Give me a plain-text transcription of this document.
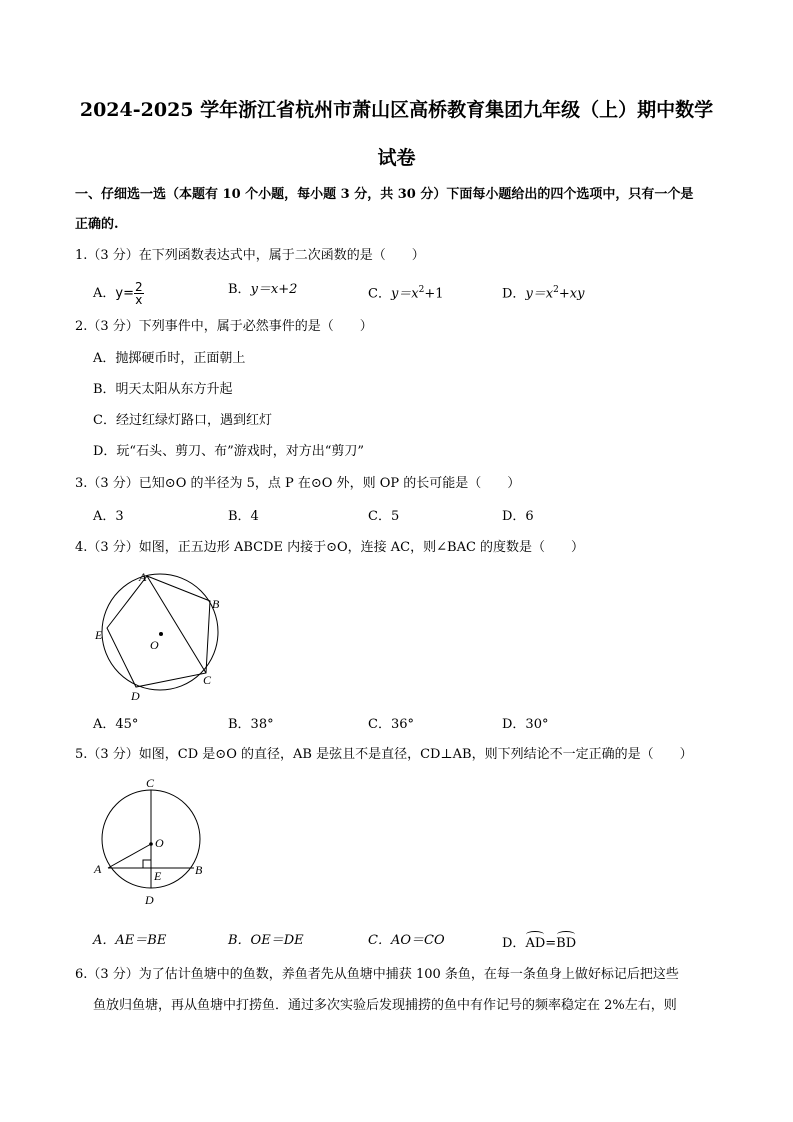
2024-2025 学年浙江省杭州市萧山区高桥教育集团九年级（上）期中数学
试卷
一、仔细选一选（本题有 10 个小题，每小题 3 分，共 30 分）下面每小题给出的四个选项中，只有一个是
正确的.
1.（3 分）在下列函数表达式中，属于二次函数的是（　　）
A．$y= \frac{2}{x}$	B．y＝x+2	C．$y=x^2+1$	D．$y=x^2+xy$
2.（3 分）下列事件中，属于必然事件的是（　　）
A．抛掷硬币时，正面朝上
B．明天太阳从东方升起
C．经过红绿灯路口，遇到红灯
D．玩“石头、剪刀、布”游戏时，对方出“剪刀”
3.（3 分）已知⊙O 的半径为 5，点 P 在⊙O 外，则 OP 的长可能是（　　）
A．3	B．4	C．5	D．6
4.（3 分）如图，正五边形 ABCDE 内接于⊙O，连接 AC，则∠BAC 的度数是（　　）
A
B
C
D
E
O
A．45°	B．38°	C．36°	D．30°
5.（3 分）如图，CD 是⊙O 的直径，AB 是弦且不是直径，CD⊥AB，则下列结论不一定正确的是（　　）
C
O
A	B
E
D
A．AE＝BE	B．OE＝DE	C．AO＝CO	D．AD=BD
6.（3 分）为了估计鱼塘中的鱼数，养鱼者先从鱼塘中捕获 100 条鱼，在每一条鱼身上做好标记后把这些
鱼放归鱼塘，再从鱼塘中打捞鱼．通过多次实验后发现捕捞的鱼中有作记号的频率稳定在 2%左右，则
